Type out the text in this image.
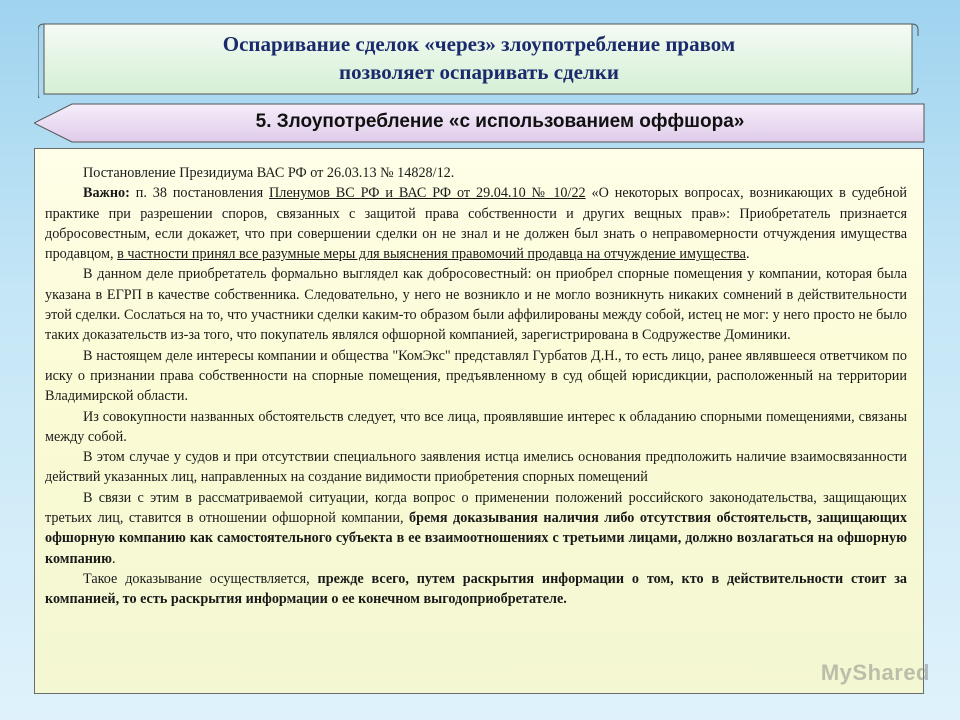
Оспаривание сделок «через» злоупотребление правом
позволяет оспаривать сделки
5. Злоупотребление «с использованием оффшора»

Постановление Президиума ВАС РФ от 26.03.13 № 14828/12.

Важно: п. 38 постановления Пленумов ВС РФ и ВАС РФ от 29.04.10 № 10/22 «О некоторых вопросах, возникающих в судебной практике при разрешении споров, связанных с защитой права собственности и других вещных прав»: Приобретатель признается добросовестным, если докажет, что при совершении сделки он не знал и не должен был знать о неправомерности отчуждения имущества продавцом, в частности принял все разумные меры для выяснения правомочий продавца на отчуждение имущества.

В данном деле приобретатель формально выглядел как добросовестный: он приобрел спорные помещения у компании, которая была указана в ЕГРП в качестве собственника. Следовательно, у него не возникло и не могло возникнуть никаких сомнений в действительности этой сделки. Сослаться на то, что участники сделки каким-то образом были аффилированы между собой, истец не мог: у него просто не было таких доказательств из-за того, что покупатель являлся офшорной компанией, зарегистрирована в Содружестве Доминики.

В настоящем деле интересы компании и общества "КомЭкс" представлял Гурбатов Д.Н., то есть лицо, ранее являвшееся ответчиком по иску о признании права собственности на спорные помещения, предъявленному в суд общей юрисдикции, расположенный на территории Владимирской области.

Из совокупности названных обстоятельств следует, что все лица, проявлявшие интерес к обладанию спорными помещениями, связаны между собой.

В этом случае у судов и при отсутствии специального заявления истца имелись основания предположить наличие взаимосвязанности действий указанных лиц, направленных на создание видимости приобретения спорных помещений

В связи с этим в рассматриваемой ситуации, когда вопрос о применении положений российского законодательства, защищающих третьих лиц, ставится в отношении офшорной компании, бремя доказывания наличия либо отсутствия обстоятельств, защищающих офшорную компанию как самостоятельного субъекта в ее взаимоотношениях с третьими лицами, должно возлагаться на офшорную компанию.

Такое доказывание осуществляется, прежде всего, путем раскрытия информации о том, кто в действительности стоит за компанией, то есть раскрытия информации о ее конечном выгодоприобретателе.

MyShared
